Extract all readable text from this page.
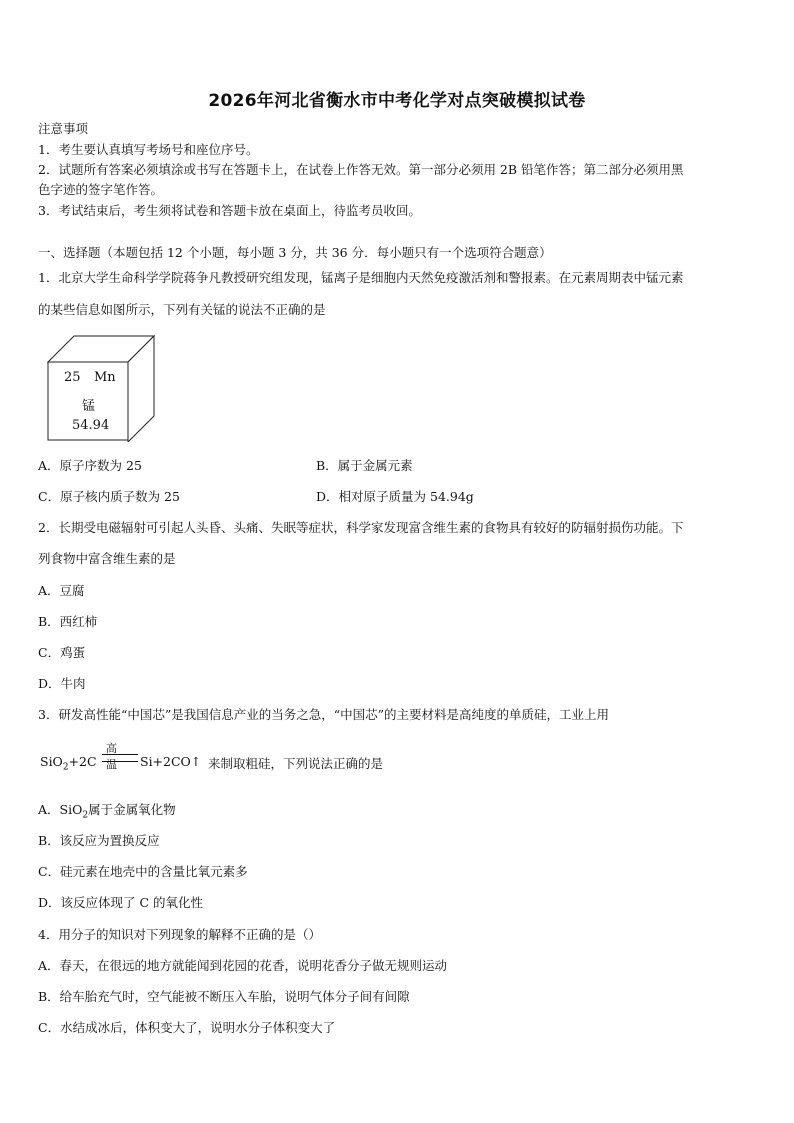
2026年河北省衡水市中考化学对点突破模拟试卷
注意事项
1．考生要认真填写考场号和座位序号。
2．试题所有答案必须填涂或书写在答题卡上，在试卷上作答无效。第一部分必须用 2B 铅笔作答；第二部分必须用黑
色字迹的签字笔作答。
3．考试结束后，考生须将试卷和答题卡放在桌面上，待监考员收回。
一、选择题（本题包括 12 个小题，每小题 3 分，共 36 分．每小题只有一个选项符合题意）
1．北京大学生命科学学院蒋争凡教授研究组发现，锰离子是细胞内天然免疫激活剂和警报素。在元素周期表中锰元素
的某些信息如图所示，下列有关锰的说法不正确的是
25 Mn
锰
54.94
A．原子序数为 25	B．属于金属元素
C．原子核内质子数为 25	D．相对原子质量为 54.94g
2．长期受电磁辐射可引起人头昏、头痛、失眠等症状，科学家发现富含维生素的食物具有较好的防辐射损伤功能。下
列食物中富含维生素的是
A．豆腐
B．西红柿
C．鸡蛋
D．牛肉
3．研发高性能“中国芯”是我国信息产业的当务之急，“中国芯”的主要材料是高纯度的单质硅，工业上用
SiO$_2$+2C
高温 Si+2CO↑ 来制取粗硅，下列说法正确的是
A．SiO$_2$属于金属氧化物
B．该反应为置换反应
C．硅元素在地壳中的含量比氧元素多
D．该反应体现了 C 的氧化性
4．用分子的知识对下列现象的解释不正确的是（）
A．春天，在很远的地方就能闻到花园的花香，说明花香分子做无规则运动
B．给车胎充气时，空气能被不断压入车胎，说明气体分子间有间隙
C．水结成冰后，体积变大了，说明水分子体积变大了
